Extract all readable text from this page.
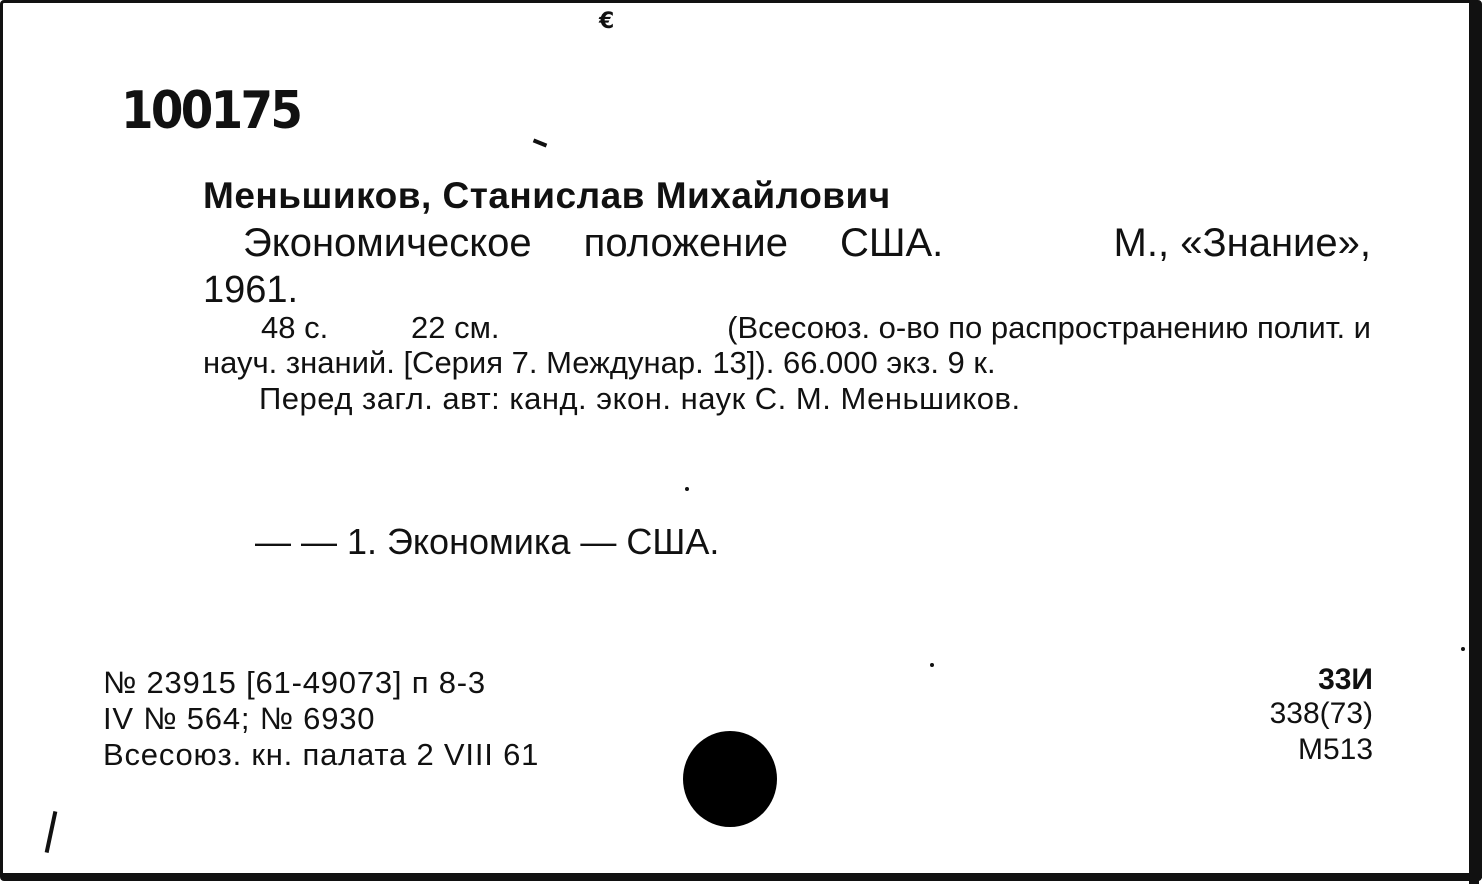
€
100175
Меньшиков, Станислав Михайлович
Экономическое положение США.	М., «Знание»,
1961.
48 с.	22 см.	(Всесоюз. о-во по распространению полит. и
науч. знаний. [Серия 7. Междунар. 13]). 66.000 экз. 9 к.
Перед загл. авт: канд. экон. наук С. М. Меньшиков.
— — 1. Экономика — США.
№ 23915 [61-49073] п 8-3
IV № 564; № 6930
Всесоюз. кн. палата 2 VIII 61
33И
338(73)
М513
